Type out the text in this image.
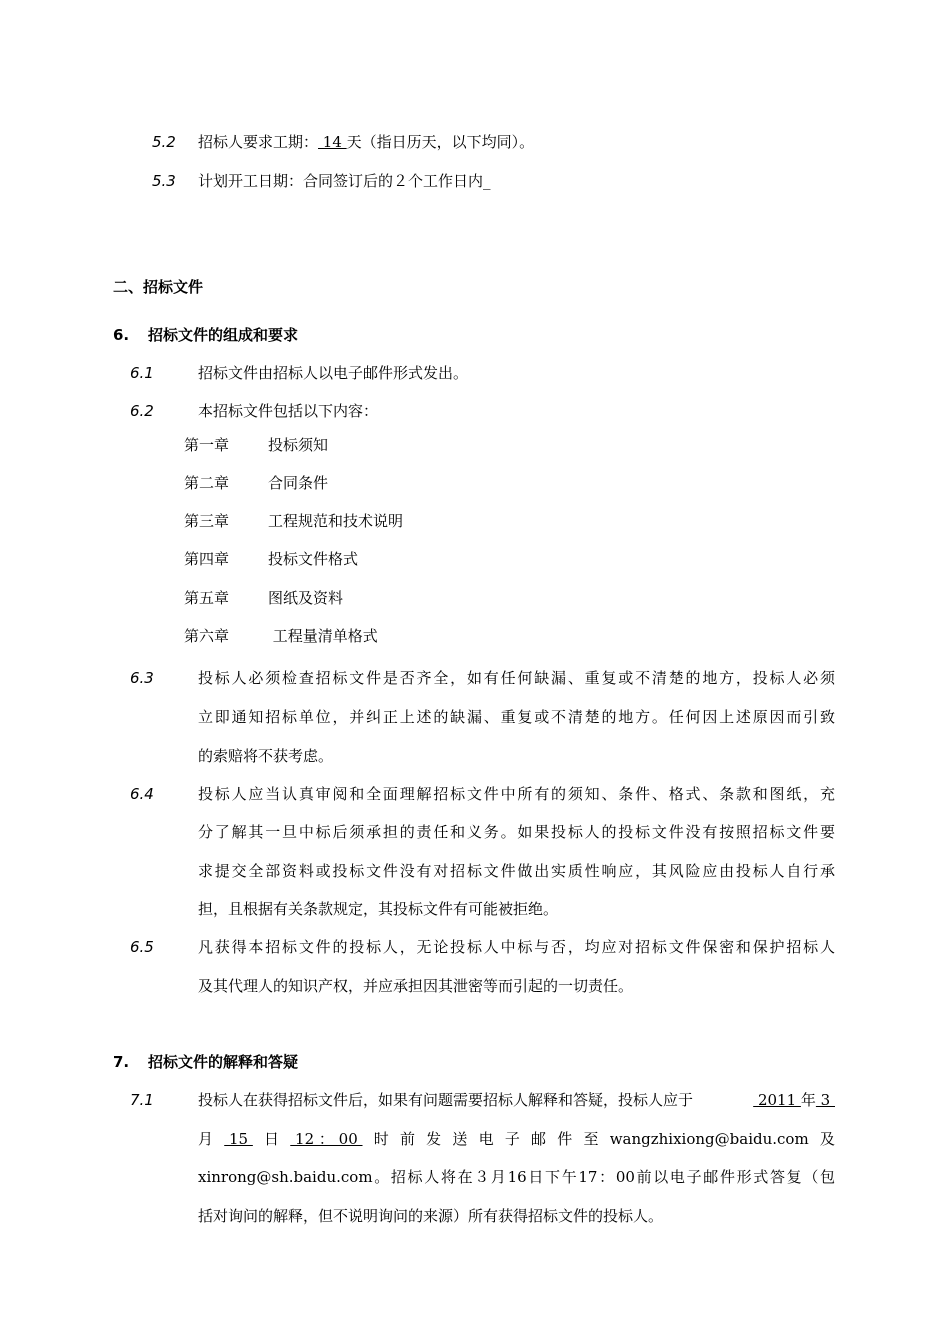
5.2 招标人要求工期： 14 天（指日历天，以下均同）。
5.3 计划开工日期：合同签订后的２个工作日内_
二、招标文件
6. 招标文件的组成和要求
6.1	招标文件由招标人以电子邮件形式发出。
6.2	本招标文件包括以下内容：
第一章	投标须知
第二章	合同条件
第三章	工程规范和技术说明
第四章	投标文件格式
第五章	图纸及资料
第六章	工程量清单格式
6.3	投标人必须检查招标文件是否齐全，如有任何缺漏、重复或不清楚的地方，投标人必须
立即通知招标单位，并纠正上述的缺漏、重复或不清楚的地方。任何因上述原因而引致
的索赔将不获考虑。
6.4	投标人应当认真审阅和全面理解招标文件中所有的须知、条件、格式、条款和图纸，充
分了解其一旦中标后须承担的责任和义务。如果投标人的投标文件没有按照招标文件要
求提交全部资料或投标文件没有对招标文件做出实质性响应，其风险应由投标人自行承
担，且根据有关条款规定，其投标文件有可能被拒绝。
6.5	凡获得本招标文件的投标人，无论投标人中标与否，均应对招标文件保密和保护招标人
及其代理人的知识产权，并应承担因其泄密等而引起的一切责任。
7. 招标文件的解释和答疑
7.1	投标人在获得招标文件后，如果有问题需要招标人解释和答疑，投标人应于	2011 年 3
月 15 日 12 ： 00 时 前 发 送 电 子 邮 件 至 wangzhixiong@baidu.com 及
xinrong@sh.baidu.com。招标人将在３月16日下午17：00前以电子邮件形式答复（包
括对询问的解释，但不说明询问的来源）所有获得招标文件的投标人。
